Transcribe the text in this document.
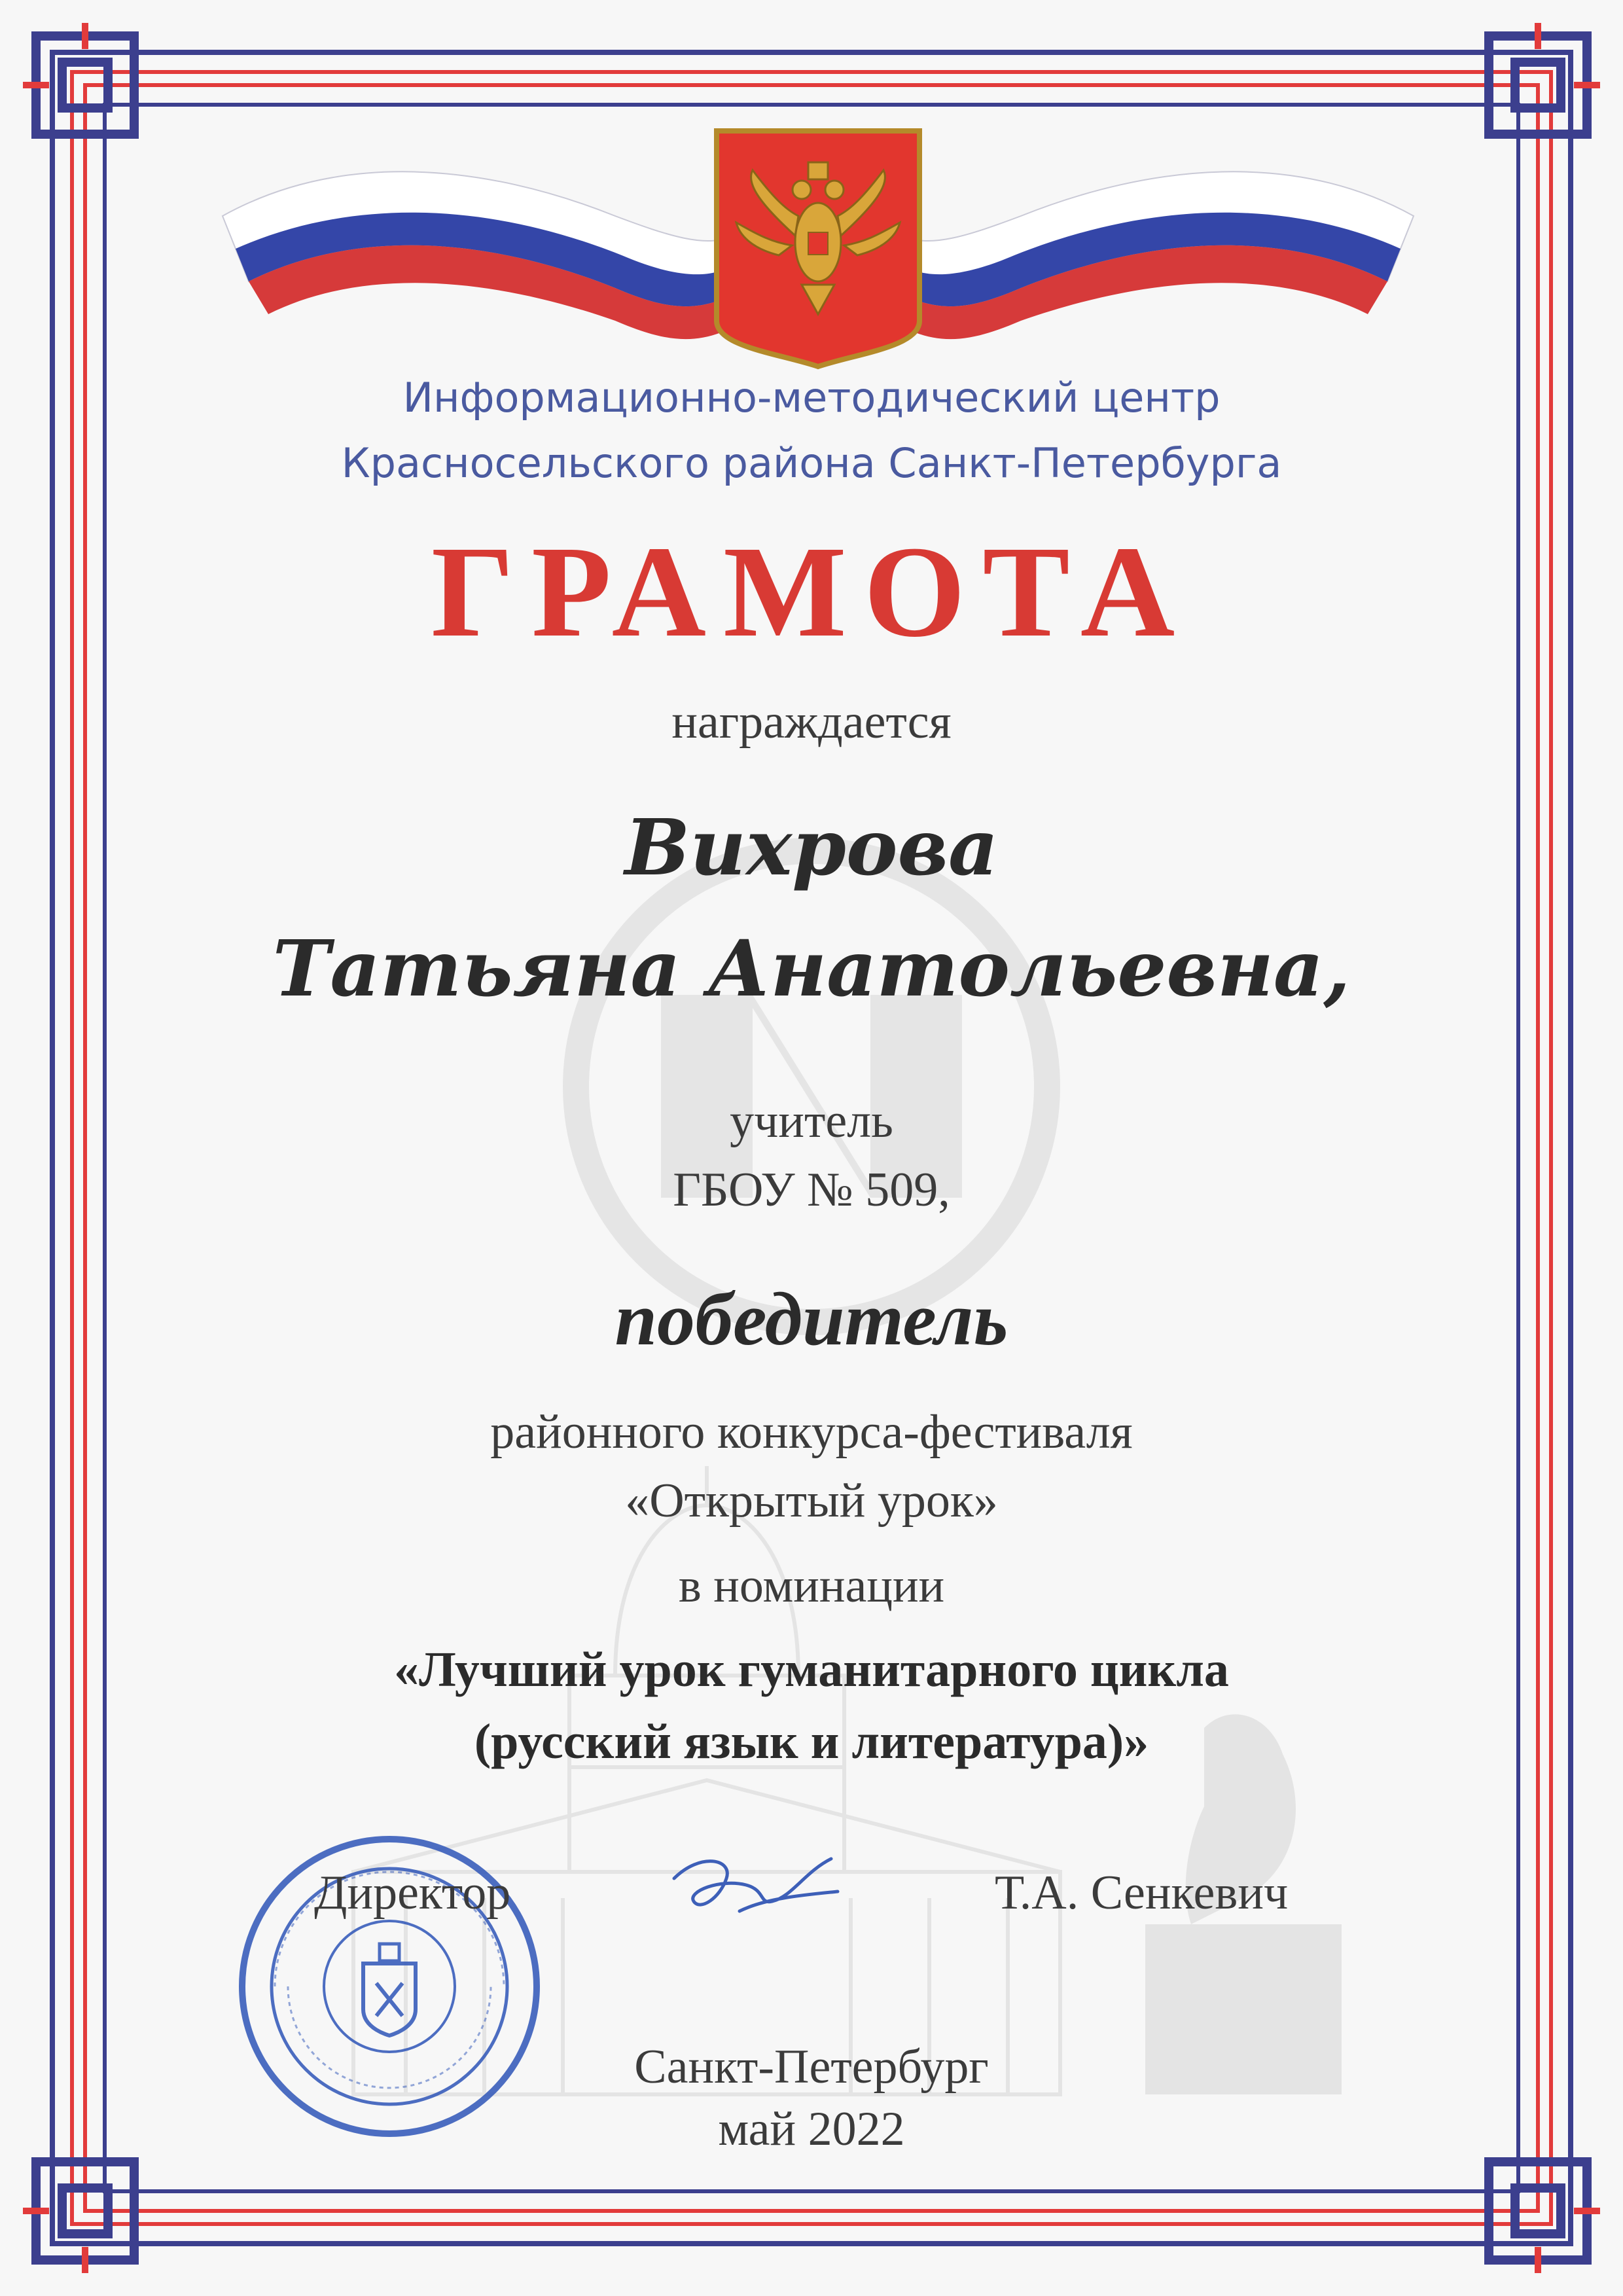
Информационно-методический центр

Красносельского района Санкт-Петербурга

ГРАМОТА

награждается

Вихрова

Татьяна Анатольевна,

учитель

ГБОУ № 509,

победитель

районного конкурса-фестиваля

«Открытый урок»

в номинации

«Лучший урок гуманитарного цикла

(русский язык и литература)»

Директор	Т.А. Сенкевич

Санкт-Петербург

май 2022
